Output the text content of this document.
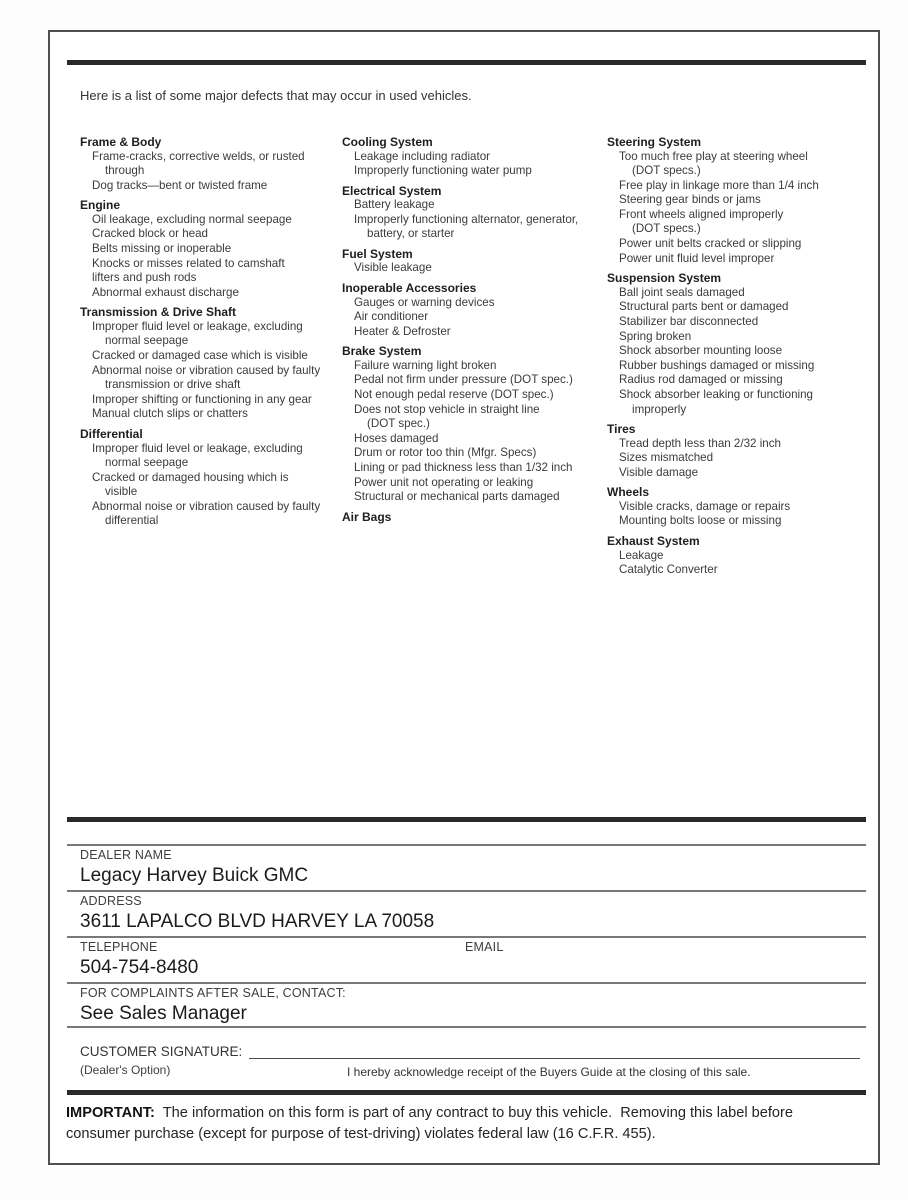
Here is a list of some major defects that may occur in used vehicles.
Frame & Body
Frame-cracks, corrective welds, or rusted
through
Dog tracks—bent or twisted frame
Engine
Oil leakage, excluding normal seepage
Cracked block or head
Belts missing or inoperable
Knocks or misses related to camshaft
lifters and push rods
Abnormal exhaust discharge
Transmission & Drive Shaft
Improper fluid level or leakage, excluding
normal seepage
Cracked or damaged case which is visible
Abnormal noise or vibration caused by faulty
transmission or drive shaft
Improper shifting or functioning in any gear
Manual clutch slips or chatters
Differential
Improper fluid level or leakage, excluding
normal seepage
Cracked or damaged housing which is
visible
Abnormal noise or vibration caused by faulty
differential
Cooling System
Leakage including radiator
Improperly functioning water pump
Electrical System
Battery leakage
Improperly functioning alternator, generator,
battery, or starter
Fuel System
Visible leakage
Inoperable Accessories
Gauges or warning devices
Air conditioner
Heater & Defroster
Brake System
Failure warning light broken
Pedal not firm under pressure (DOT spec.)
Not enough pedal reserve (DOT spec.)
Does not stop vehicle in straight line
(DOT spec.)
Hoses damaged
Drum or rotor too thin (Mfgr. Specs)
Lining or pad thickness less than 1/32 inch
Power unit not operating or leaking
Structural or mechanical parts damaged
Air Bags
Steering System
Too much free play at steering wheel
(DOT specs.)
Free play in linkage more than 1/4 inch
Steering gear binds or jams
Front wheels aligned improperly
(DOT specs.)
Power unit belts cracked or slipping
Power unit fluid level improper
Suspension System
Ball joint seals damaged
Structural parts bent or damaged
Stabilizer bar disconnected
Spring broken
Shock absorber mounting loose
Rubber bushings damaged or missing
Radius rod damaged or missing
Shock absorber leaking or functioning
improperly
Tires
Tread depth less than 2/32 inch
Sizes mismatched
Visible damage
Wheels
Visible cracks, damage or repairs
Mounting bolts loose or missing
Exhaust System
Leakage
Catalytic Converter
DEALER NAME
Legacy Harvey Buick GMC
ADDRESS
3611 LAPALCO BLVD HARVEY LA 70058
TELEPHONE	EMAIL
504-754-8480
FOR COMPLAINTS AFTER SALE, CONTACT:
See Sales Manager
CUSTOMER SIGNATURE:
(Dealer's Option)	I hereby acknowledge receipt of the Buyers Guide at the closing of this sale.
IMPORTANT:  The information on this form is part of any contract to buy this vehicle.  Removing this label before consumer purchase (except for purpose of test-driving) violates federal law (16 C.F.R. 455).
